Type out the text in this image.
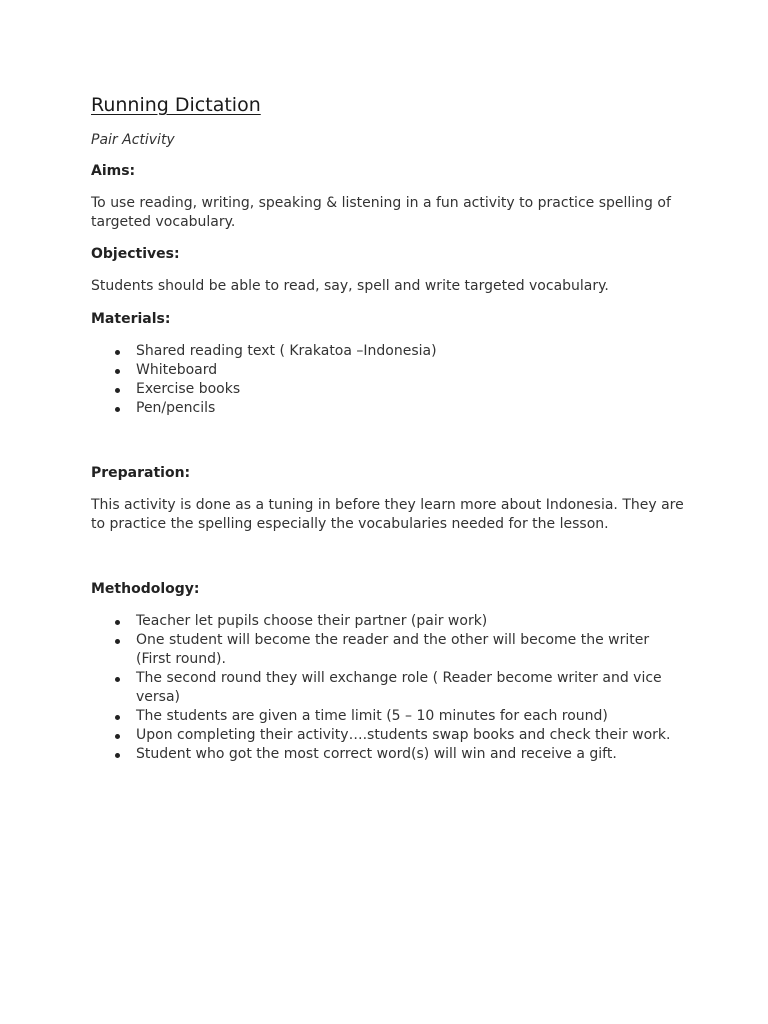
Running Dictation

Pair Activity

Aims:

To use reading, writing, speaking & listening in a fun activity to practice spelling of targeted vocabulary.

Objectives:

Students should be able to read, say, spell and write targeted vocabulary.

Materials:

Shared reading text ( Krakatoa –Indonesia)
Whiteboard
Exercise books
Pen/pencils

Preparation:

This activity is done as a tuning in before they learn more about Indonesia. They are to practice the spelling especially the vocabularies needed for the lesson.

Methodology:

Teacher let pupils choose their partner (pair work)
One student will become the reader and the other will become the writer (First round).
The second round they will exchange role ( Reader become writer and vice versa)
The students are given a time limit (5 – 10 minutes for each round)
Upon completing their activity….students swap books and check their work.
Student who got the most correct word(s) will win and receive a gift.
